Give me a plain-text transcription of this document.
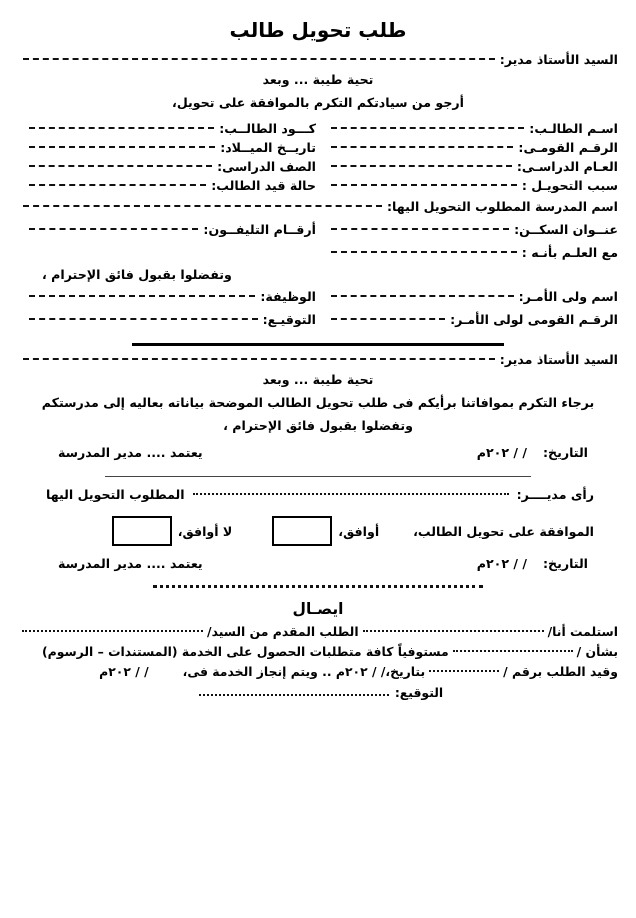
طلب تحويل طالب
السيد الأستاذ مدير:
تحية طيبة ... وبعد
أرجو من سيادتكم التكرم بالموافقة على تحويل،
اسـم الطالـب:
الرقـم القومـى:
العـام الدراسـى:
سبب التحويـل :
كـــود الطالــب:
تاريــخ الميــلاد:
الصف الدراسى:
حالة قيد الطالب:
اسم المدرسة المطلوب التحويل اليها:
عنــوان السكــن:
أرقــام التليفــون:
مع العلـم بأنـه :
وتفضلوا بقبول فائق الإحترام ،
اسم ولى الأمـر:
الوظيفة:
الرقـم القومى لولى الأمـر:
التوقيـع:
السيد الأستاذ مدير:
تحية طيبة ... وبعد
برجاء التكرم بموافاتنا برأيكم فى طلب تحويل الطالب الموضحة بياناته بعاليه إلى مدرستكم
وتفضلوا بقبول فائق الإحترام ،
التاريخ:
/ / ٢٠٢م
يعتمد .... مدير المدرسة
رأى مديــــر:
المطلوب التحويل اليها
الموافقة على تحويل الطالب،
أوافق،
لا أوافق،
التاريخ:
/ / ٢٠٢م
يعتمد .... مدير المدرسة
ايصـال
استلمت أنا/
الطلب المقدم من السيد/
بشأن /
مستوفياً كافة متطلبات الحصول على الخدمة (المستندات – الرسوم)
وقيد الطلب برقم /
بتاريخ،
/ / ٢٠٢م .. ويتم إنجاز الخدمة فى،
/ / ٢٠٢م
التوقيع:
